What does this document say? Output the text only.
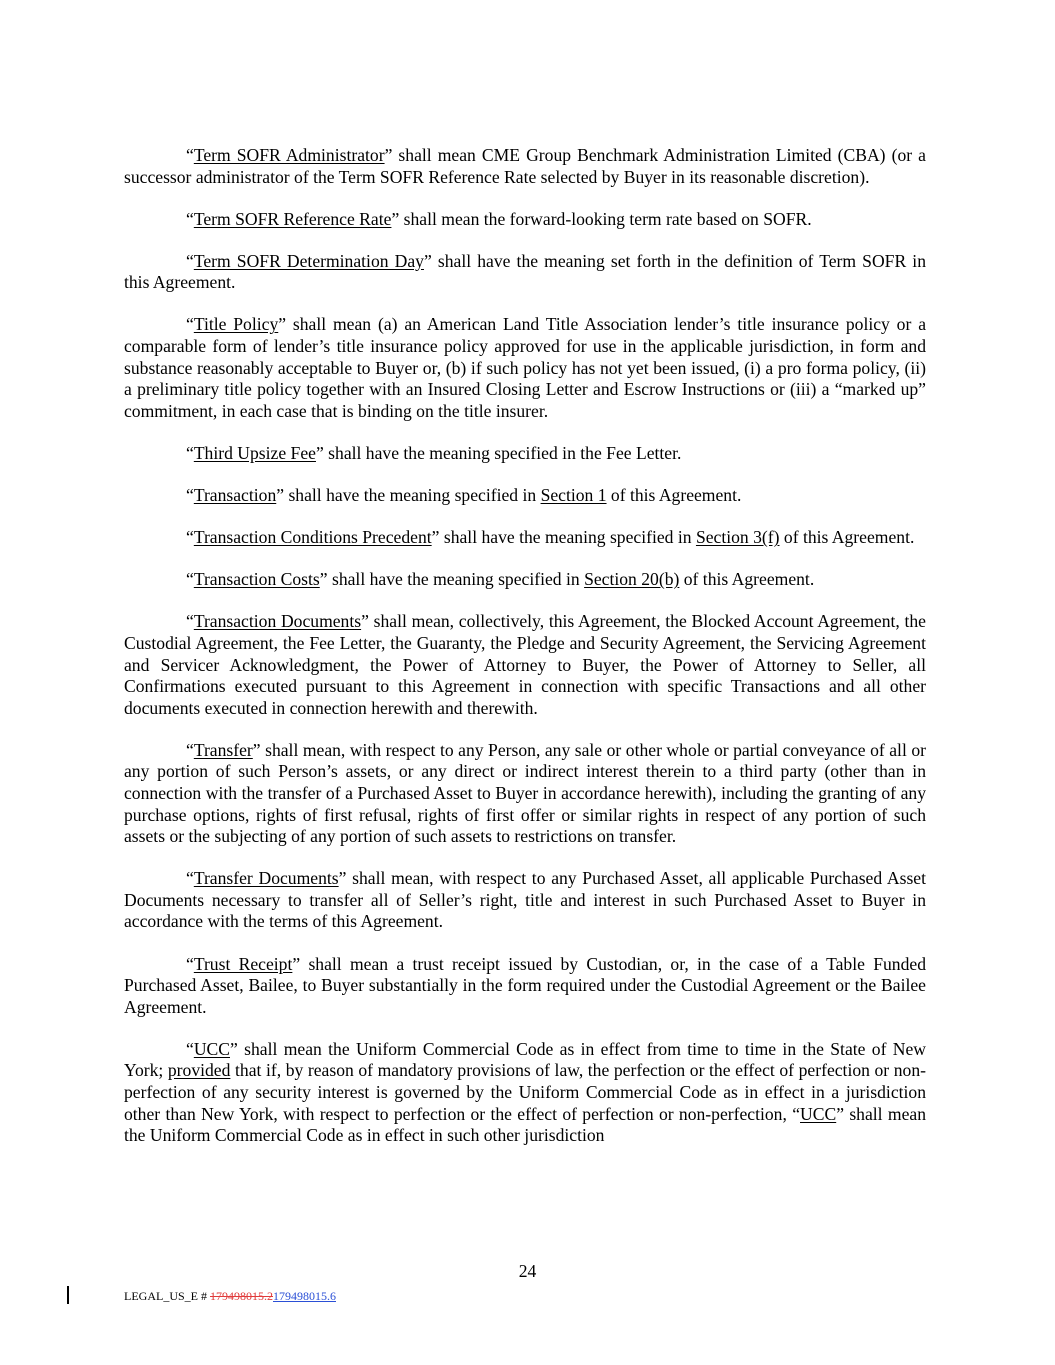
“Term SOFR Administrator” shall mean CME Group Benchmark Administration Limited (CBA) (or a successor administrator of the Term SOFR Reference Rate selected by Buyer in its reasonable discretion).

“Term SOFR Reference Rate” shall mean the forward-looking term rate based on SOFR.

“Term SOFR Determination Day” shall have the meaning set forth in the definition of Term SOFR in this Agreement.

“Title Policy” shall mean (a) an American Land Title Association lender’s title insurance policy or a comparable form of lender’s title insurance policy approved for use in the applicable jurisdiction, in form and substance reasonably acceptable to Buyer or, (b) if such policy has not yet been issued, (i) a pro forma policy, (ii) a preliminary title policy together with an Insured Closing Letter and Escrow Instructions or (iii) a “marked up” commitment, in each case that is binding on the title insurer.

“Third Upsize Fee” shall have the meaning specified in the Fee Letter.

“Transaction” shall have the meaning specified in Section 1 of this Agreement.

“Transaction Conditions Precedent” shall have the meaning specified in Section 3(f) of this Agreement.

“Transaction Costs” shall have the meaning specified in Section 20(b) of this Agreement.

“Transaction Documents” shall mean, collectively, this Agreement, the Blocked Account Agreement, the Custodial Agreement, the Fee Letter, the Guaranty, the Pledge and Security Agreement, the Servicing Agreement and Servicer Acknowledgment, the Power of Attorney to Buyer, the Power of Attorney to Seller, all Confirmations executed pursuant to this Agreement in connection with specific Transactions and all other documents executed in connection herewith and therewith.

“Transfer” shall mean, with respect to any Person, any sale or other whole or partial conveyance of all or any portion of such Person’s assets, or any direct or indirect interest therein to a third party (other than in connection with the transfer of a Purchased Asset to Buyer in accordance herewith), including the granting of any purchase options, rights of first refusal, rights of first offer or similar rights in respect of any portion of such assets or the subjecting of any portion of such assets to restrictions on transfer.

“Transfer Documents” shall mean, with respect to any Purchased Asset, all applicable Purchased Asset Documents necessary to transfer all of Seller’s right, title and interest in such Purchased Asset to Buyer in accordance with the terms of this Agreement.

“Trust Receipt” shall mean a trust receipt issued by Custodian, or, in the case of a Table Funded Purchased Asset, Bailee, to Buyer substantially in the form required under the Custodial Agreement or the Bailee Agreement.

“UCC” shall mean the Uniform Commercial Code as in effect from time to time in the State of New York; provided that if, by reason of mandatory provisions of law, the perfection or the effect of perfection or non-perfection of any security interest is governed by the Uniform Commercial Code as in effect in a jurisdiction other than New York, with respect to perfection or the effect of perfection or non-perfection, “UCC” shall mean the Uniform Commercial Code as in effect in such other jurisdiction

24
LEGAL_US_E # 179498015.2179498015.6
